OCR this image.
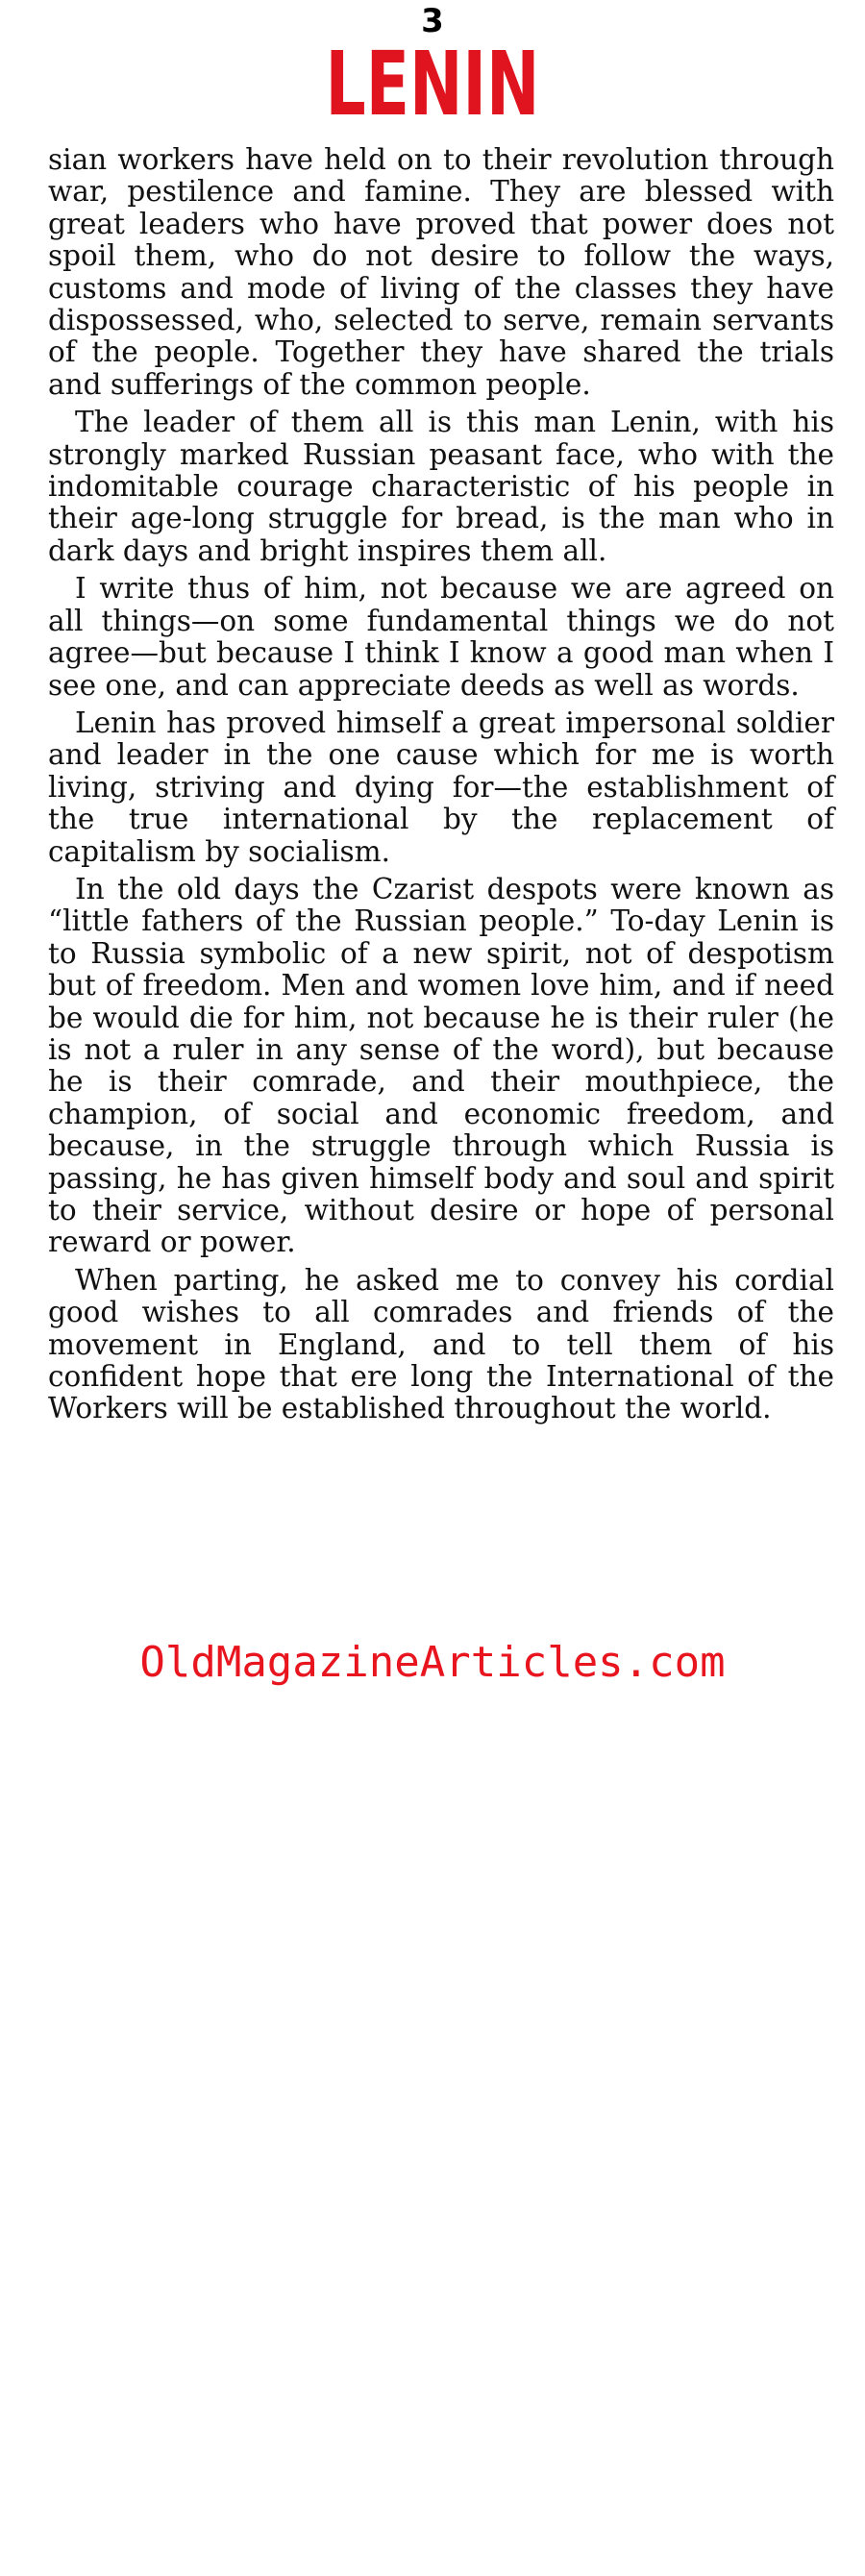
3
LENIN

sian workers have held on to their revolution through war, pestilence and famine. They are blessed with great leaders who have proved that power does not spoil them, who do not desire to follow the ways, customs and mode of living of the classes they have dispossessed, who, selected to serve, remain servants of the people. Together they have shared the trials and sufferings of the common people.

The leader of them all is this man Lenin, with his strongly marked Russian peasant face, who with the indomitable courage characteristic of his people in their age-long struggle for bread, is the man who in dark days and bright inspires them all.

I write thus of him, not because we are agreed on all things—on some fundamental things we do not agree—but because I think I know a good man when I see one, and can appreciate deeds as well as words.

Lenin has proved himself a great impersonal soldier and leader in the one cause which for me is worth living, striving and dying for—the establishment of the true international by the replacement of capitalism by socialism.

In the old days the Czarist despots were known as “little fathers of the Russian people.” To-day Lenin is to Russia symbolic of a new spirit, not of despotism but of freedom. Men and women love him, and if need be would die for him, not because he is their ruler (he is not a ruler in any sense of the word), but because he is their comrade, and their mouthpiece, the champion, of social and economic freedom, and because, in the struggle through which Russia is passing, he has given himself body and soul and spirit to their service, without desire or hope of personal reward or power.

When parting, he asked me to convey his cordial good wishes to all comrades and friends of the movement in England, and to tell them of his confident hope that ere long the International of the Workers will be established throughout the world.

OldMagazineArticles.com
